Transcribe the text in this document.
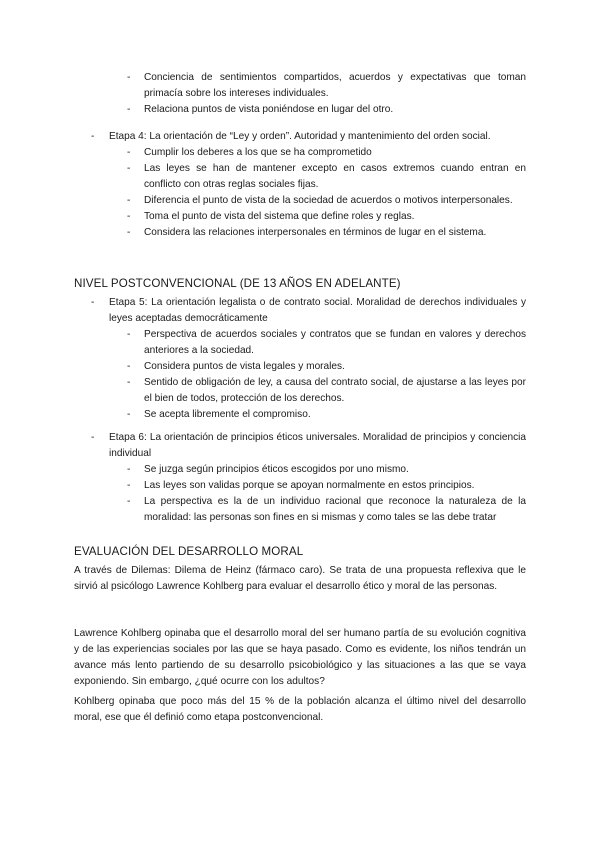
- Conciencia de sentimientos compartidos, acuerdos y expectativas que toman primacía sobre los intereses individuales.
- Relaciona puntos de vista poniéndose en lugar del otro.
- Etapa 4: La orientación de “Ley y orden”. Autoridad y mantenimiento del orden social.
- Cumplir los deberes a los que se ha comprometido
- Las leyes se han de mantener excepto en casos extremos cuando entran en conflicto con otras reglas sociales fijas.
- Diferencia el punto de vista de la sociedad de acuerdos o motivos interpersonales.
- Toma el punto de vista del sistema que define roles y reglas.
- Considera las relaciones interpersonales en términos de lugar en el sistema.
NIVEL POSTCONVENCIONAL (DE 13 AÑOS EN ADELANTE)
- Etapa 5: La orientación legalista o de contrato social. Moralidad de derechos individuales y leyes aceptadas democráticamente
- Perspectiva de acuerdos sociales y contratos que se fundan en valores y derechos anteriores a la sociedad.
- Considera puntos de vista legales y morales.
- Sentido de obligación de ley, a causa del contrato social, de ajustarse a las leyes por el bien de todos, protección de los derechos.
- Se acepta libremente el compromiso.
- Etapa 6: La orientación de principios éticos universales. Moralidad de principios y conciencia individual
- Se juzga según principios éticos escogidos por uno mismo.
- Las leyes son validas porque se apoyan normalmente en estos principios.
- La perspectiva es la de un individuo racional que reconoce la naturaleza de la moralidad: las personas son fines en si mismas y como tales se las debe tratar
EVALUACIÓN DEL DESARROLLO MORAL

A través de Dilemas: Dilema de Heinz (fármaco caro). Se trata de una propuesta reflexiva que le sirvió al psicólogo Lawrence Kohlberg para evaluar el desarrollo ético y moral de las personas.

Lawrence Kohlberg opinaba que el desarrollo moral del ser humano partía de su evolución cognitiva y de las experiencias sociales por las que se haya pasado. Como es evidente, los niños tendrán un avance más lento partiendo de su desarrollo psicobiológico y las situaciones a las que se vaya exponiendo. Sin embargo, ¿qué ocurre con los adultos?

Kohlberg opinaba que poco más del 15 % de la población alcanza el último nivel del desarrollo moral, ese que él definió como etapa postconvencional.
